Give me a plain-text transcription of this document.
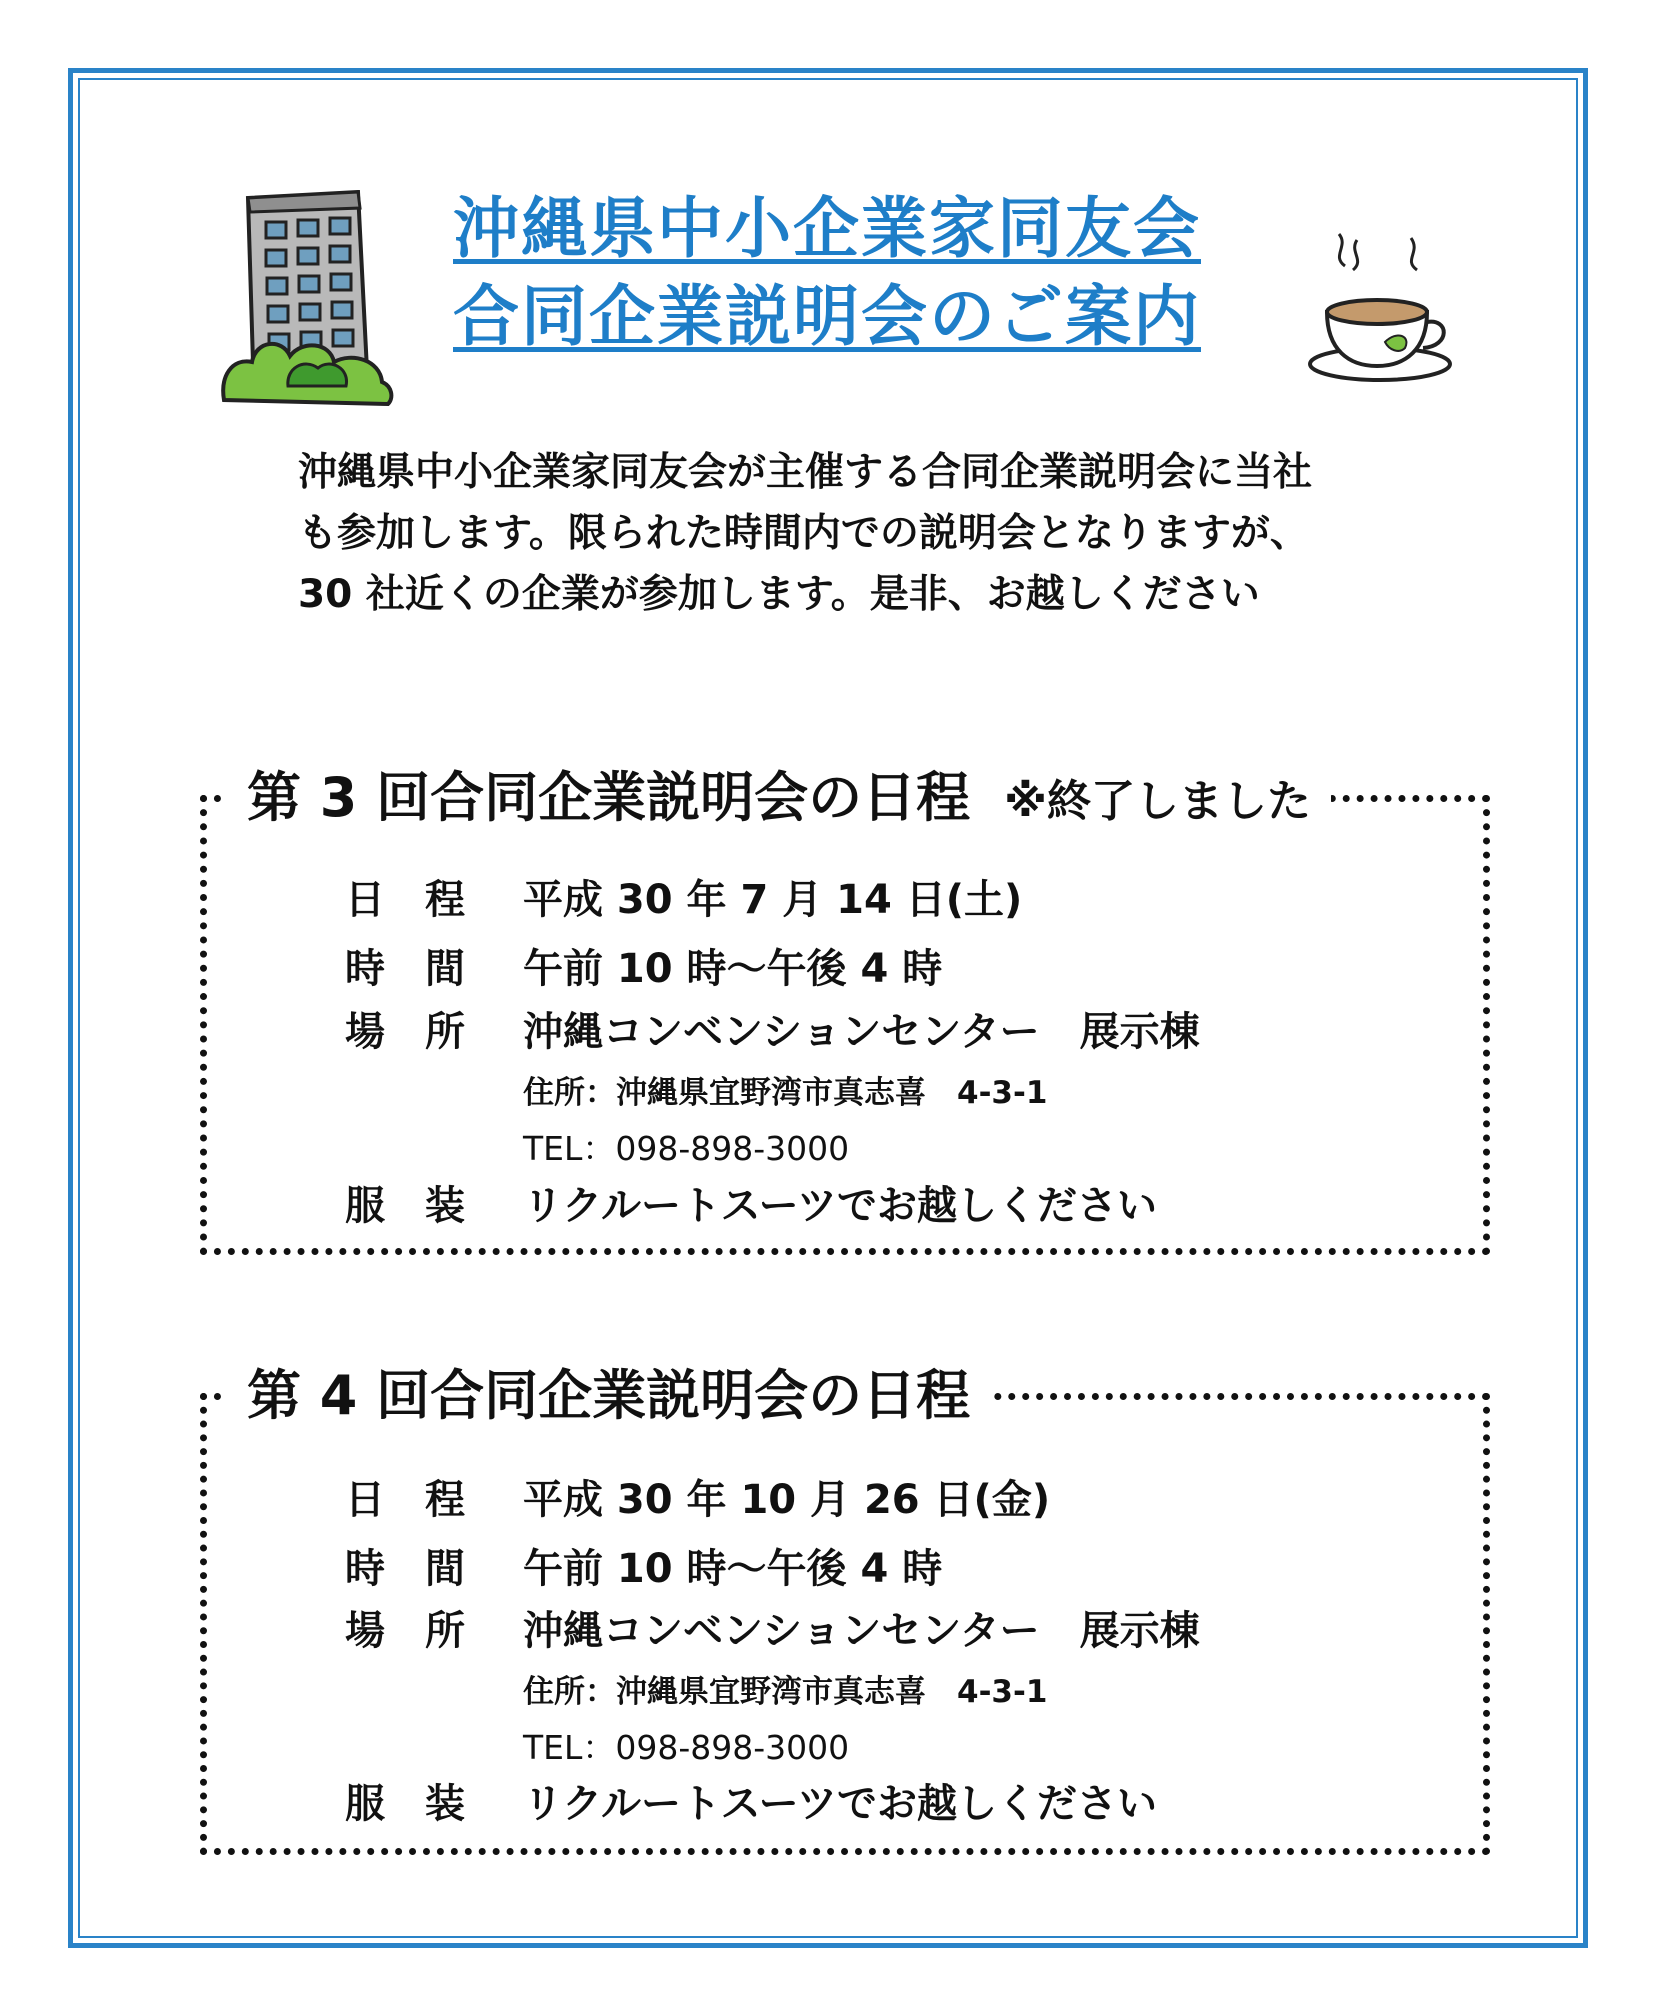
沖縄県中小企業家同友会
合同企業説明会のご案内
沖縄県中小企業家同友会が主催する合同企業説明会に当社
も参加します。限られた時間内での説明会となりますが、
30 社近くの企業が参加します。是非、お越しください
第 3 回合同企業説明会の日程 ※終了しました
日　程 平成 30 年 7 月 14 日(土)
時　間 午前 10 時～午後 4 時
場　所 沖縄コンベンションセンター　展示棟
住所：沖縄県宜野湾市真志喜　4-3-1
TEL：098-898-3000
服　装 リクルートスーツでお越しください
第 4 回合同企業説明会の日程
日　程 平成 30 年 10 月 26 日(金)
時　間 午前 10 時～午後 4 時
場　所 沖縄コンベンションセンター　展示棟
住所：沖縄県宜野湾市真志喜　4-3-1
TEL：098-898-3000
服　装 リクルートスーツでお越しください
